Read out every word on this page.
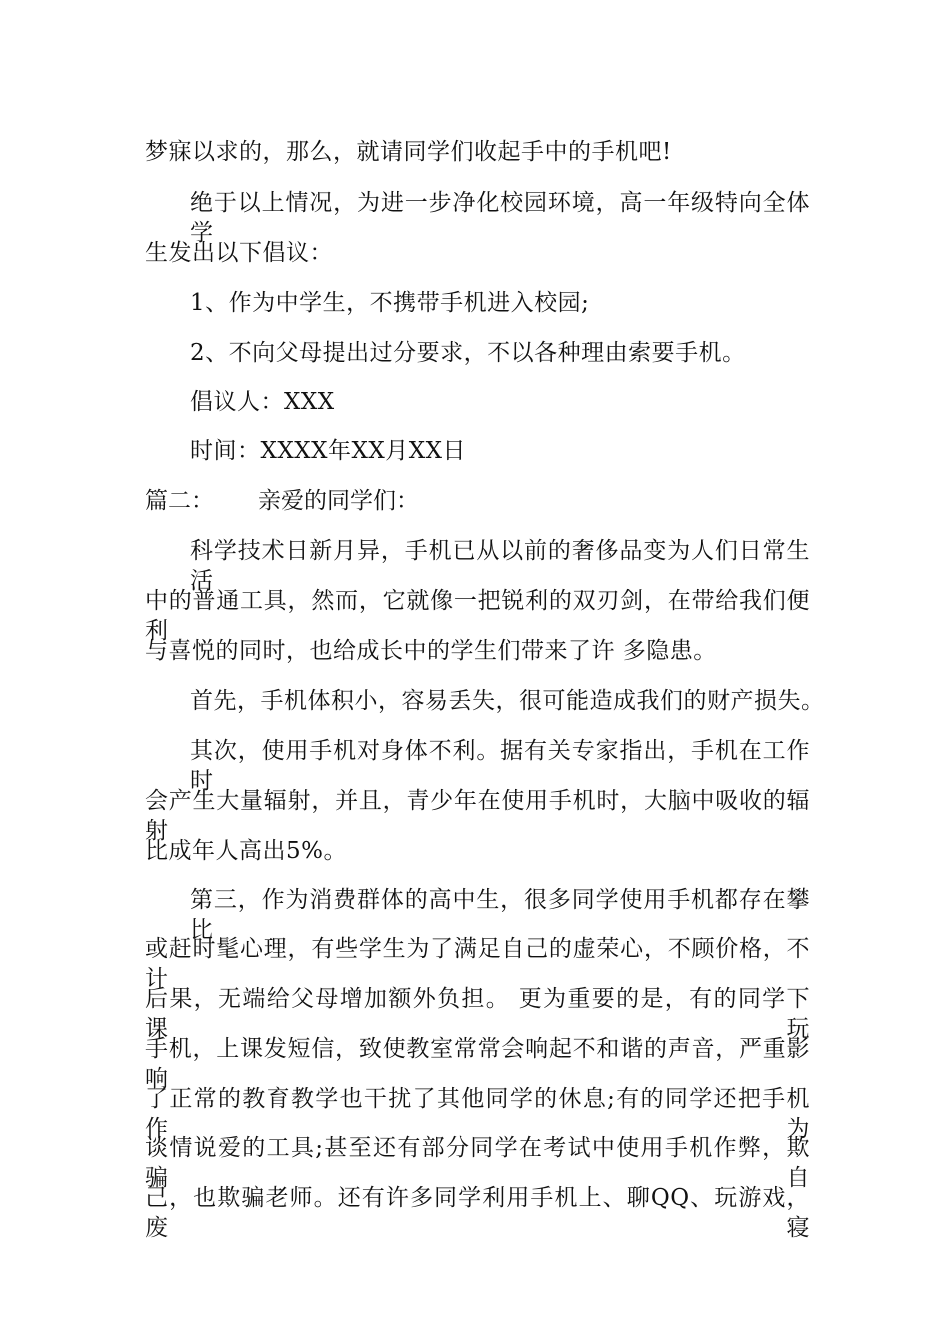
梦寐以求的，那么，就请同学们收起手中的手机吧!
绝于以上情况，为进一步净化校园环境，高一年级特向全体学
生发出以下倡议：
1、作为中学生，不携带手机进入校园;
2、不向父母提出过分要求，不以各种理由索要手机。
倡议人：XXX
时间：XXXX年XX月XX日
篇二： 亲爱的同学们：
科学技术日新月异，手机已从以前的奢侈品变为人们日常生活
中的普通工具，然而，它就像一把锐利的双刃剑，在带给我们便利
与喜悦的同时，也给成长中的学生们带来了许 多隐患。
首先，手机体积小，容易丢失，很可能造成我们的财产损失。
其次，使用手机对身体不利。据有关专家指出，手机在工作时
会产生大量辐射，并且，青少年在使用手机时，大脑中吸收的辐射
比成年人高出5%。
第三，作为消费群体的高中生，很多同学使用手机都存在攀比
或赶时髦心理，有些学生为了满足自己的虚荣心，不顾价格，不计
后果，无端给父母增加额外负担。 更为重要的是，有的同学下课玩
手机，上课发短信，致使教室常常会响起不和谐的声音，严重影响
了正常的教育教学也干扰了其他同学的休息;有的同学还把手机作为
谈情说爱的工具;甚至还有部分同学在考试中使用手机作弊，欺骗自
己，也欺骗老师。还有许多同学利用手机上、聊QQ、玩游戏，废寝
